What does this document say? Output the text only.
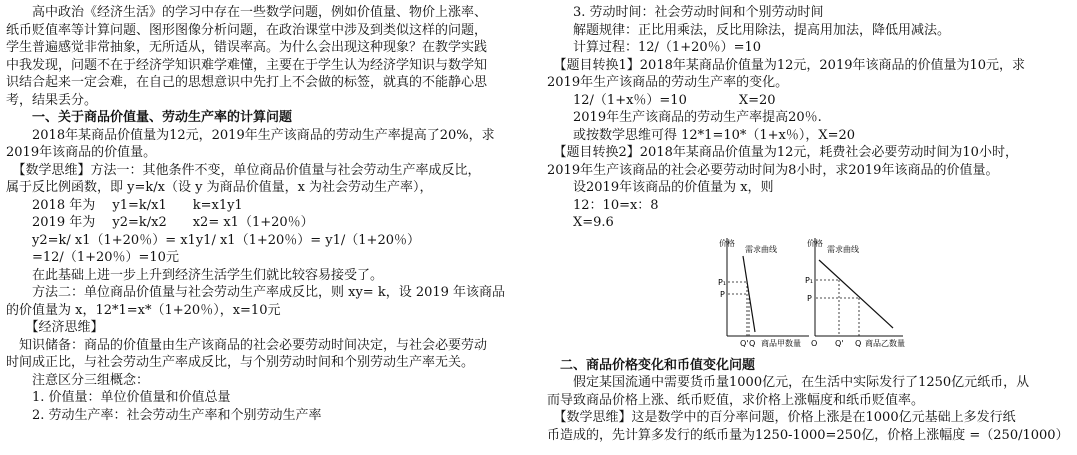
　　高中政治《经济生活》的学习中存在一些数学问题，例如价值量、物价上涨率、
纸币贬值率等计算问题、图形图像分析问题，在政治课堂中涉及到类似这样的问题，
学生普遍感觉非常抽象，无所适从，错误率高。为什么会出现这种现象？在教学实践
中我发现，问题不在于经济学知识难学难懂，主要在于学生认为经济学知识与数学知
识结合起来一定会难，在自己的思想意识中先打上不会做的标签，就真的不能静心思
考，结果丢分。
　　一、关于商品价值量、劳动生产率的计算问题
　　2018年某商品价值量为12元，2019年生产该商品的劳动生产率提高了20%，求
2019年该商品的价值量。
　【数学思维】方法一：其他条件不变，单位商品价值量与社会劳动生产率成反比，
属于反比例函数，即 y=k/x（设 y 为商品价值量，x 为社会劳动生产率），
　　2018 年为　 y1=k/x1　　k=x1y1
　　2019 年为　 y2=k/x2　　x2= x1（1+20％）
　　y2=k/ x1（1+20％）= x1y1/ x1（1+20％）= y1/（1+20％）
　　=12/（1+20％）=10元
　　在此基础上进一步上升到经济生活学生们就比较容易接受了。
　　方法二：单位商品价值量与社会劳动生产率成反比，则 xy= k，设 2019 年该商品
的价值量为 x，12*1=x*（1+20％），x=10元
　　【经济思维】
　知识储备：商品的价值量由生产该商品的社会必要劳动时间决定，与社会必要劳动
时间成正比，与社会劳动生产率成反比，与个别劳动时间和个别劳动生产率无关。
　　注意区分三组概念：
　　1. 价值量：单位价值量和价值总量
　　2. 劳动生产率：社会劳动生产率和个别劳动生产率
　　3. 劳动时间：社会劳动时间和个别劳动时间
　　解题规律：正比用乘法，反比用除法，提高用加法，降低用减法。
　　计算过程：12/（1+20％）=10
　【题目转换1】2018年某商品价值量为12元，2019年该商品的价值量为10元，求
2019年生产该商品的劳动生产率的变化。
　　12/（1+x％）=10　　　　X=20
　　2019年生产该商品的劳动生产率提高20％.
　　或按数学思维可得 12*1=10*（1+x％），X=20
　【题目转换2】2018年某商品价值量为12元，耗费社会必要劳动时间为10小时，
2019年生产该商品的社会必要劳动时间为8小时，求2019年该商品的价值量。
　　设2019年该商品的价值量为 x，则
　　12：10=x：8
　　X=9.6
价格
需求曲线
P₁
P
Q' Q 商品甲数量
价格
需求曲线
P₁
P
O Q' Q 商品乙数量
　二、商品价格变化和币值变化问题
　　假定某国流通中需要货币量1000亿元，在生活中实际发行了1250亿元纸币，从
而导致商品价格上涨、纸币贬值，求价格上涨幅度和纸币贬值率。
　【数学思维】这是数学中的百分率问题，价格上涨是在1000亿元基础上多发行纸
币造成的，先计算多发行的纸币量为1250-1000=250亿，价格上涨幅度 =（250/1000）
